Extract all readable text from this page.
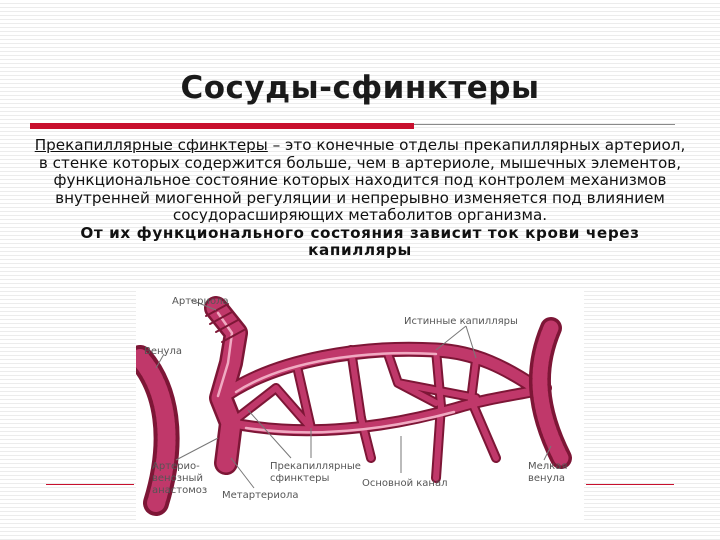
Сосуды-сфинктеры
Прекапиллярные сфинктеры – это конечные отделы прекапиллярных артериол, в стенке которых содержится больше, чем в артериоле, мышечных элементов, функциональное состояние которых находится под контролем механизмов внутренней миогенной регуляции и непрерывно изменяется под влиянием сосудорасширяющих метаболитов организма.
От их функционального состояния зависит ток крови через капилляры
Артериола
Венула
Истинные капилляры
Артерио-
венозный
анастомоз
Прекапиллярные
сфинктеры	Основной канал
Метартериола
Мелкая
венула
